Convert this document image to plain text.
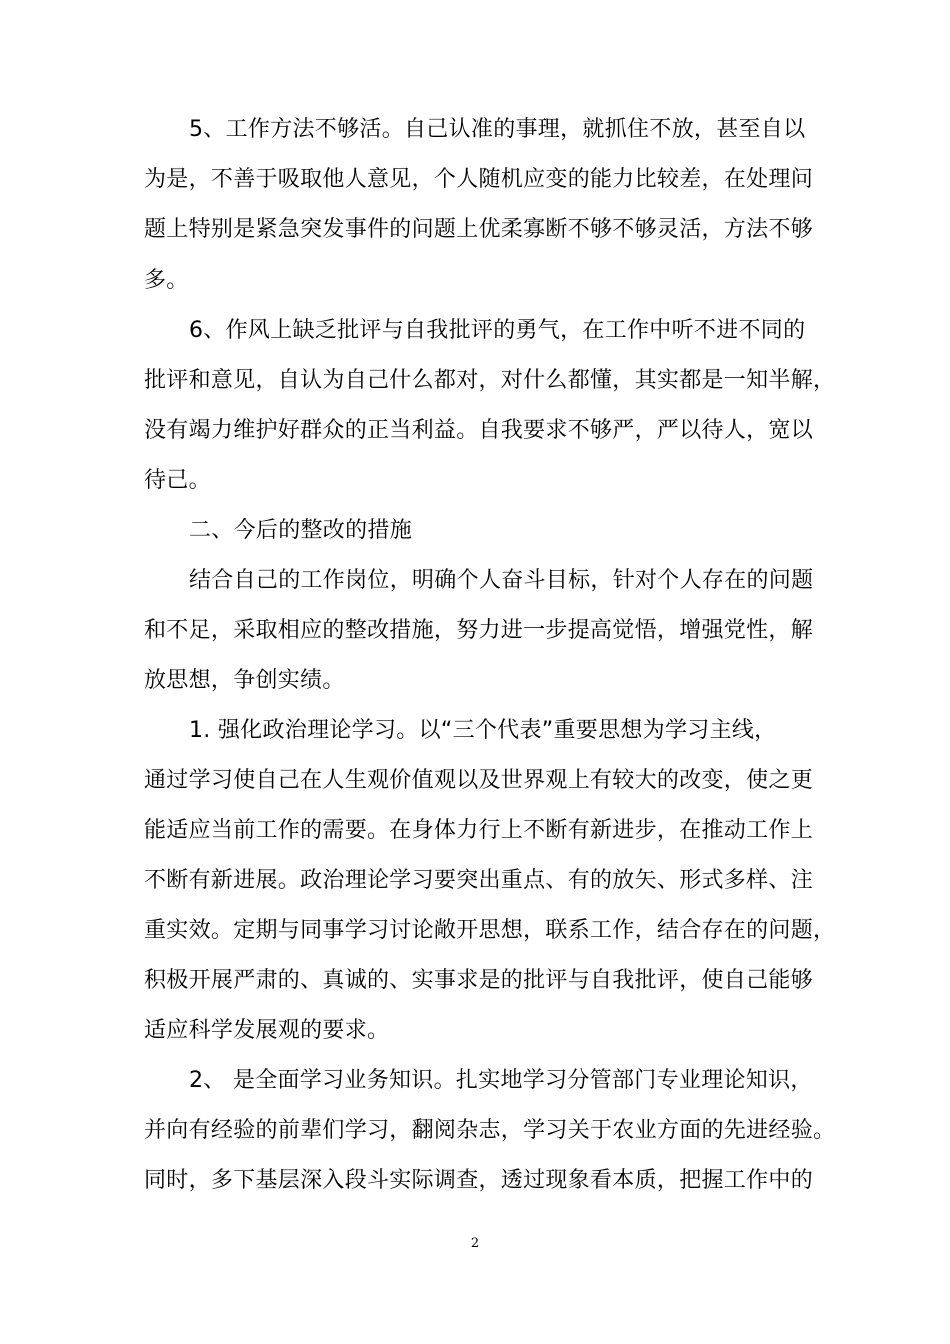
5、工作方法不够活。自己认准的事理，就抓住不放，甚至自以
为是，不善于吸取他人意见，个人随机应变的能力比较差，在处理问
题上特别是紧急突发事件的问题上优柔寡断不够不够灵活，方法不够
多。
6、作风上缺乏批评与自我批评的勇气，在工作中听不进不同的
批评和意见，自认为自己什么都对，对什么都懂，其实都是一知半解，
没有竭力维护好群众的正当利益。自我要求不够严，严以待人，宽以
待己。
二、今后的整改的措施
结合自己的工作岗位，明确个人奋斗目标，针对个人存在的问题
和不足，采取相应的整改措施，努力进一步提高觉悟，增强党性，解
放思想，争创实绩。
1. 强化政治理论学习。以“三个代表”重要思想为学习主线，
通过学习使自己在人生观价值观以及世界观上有较大的改变，使之更
能适应当前工作的需要。在身体力行上不断有新进步，在推动工作上
不断有新进展。政治理论学习要突出重点、有的放矢、形式多样、注
重实效。定期与同事学习讨论敞开思想，联系工作，结合存在的问题，
积极开展严肃的、真诚的、实事求是的批评与自我批评，使自己能够
适应科学发展观的要求。
2、 是全面学习业务知识。扎实地学习分管部门专业理论知识，
并向有经验的前辈们学习，翻阅杂志，学习关于农业方面的先进经验。
同时，多下基层深入段斗实际调查，透过现象看本质，把握工作中的
2
